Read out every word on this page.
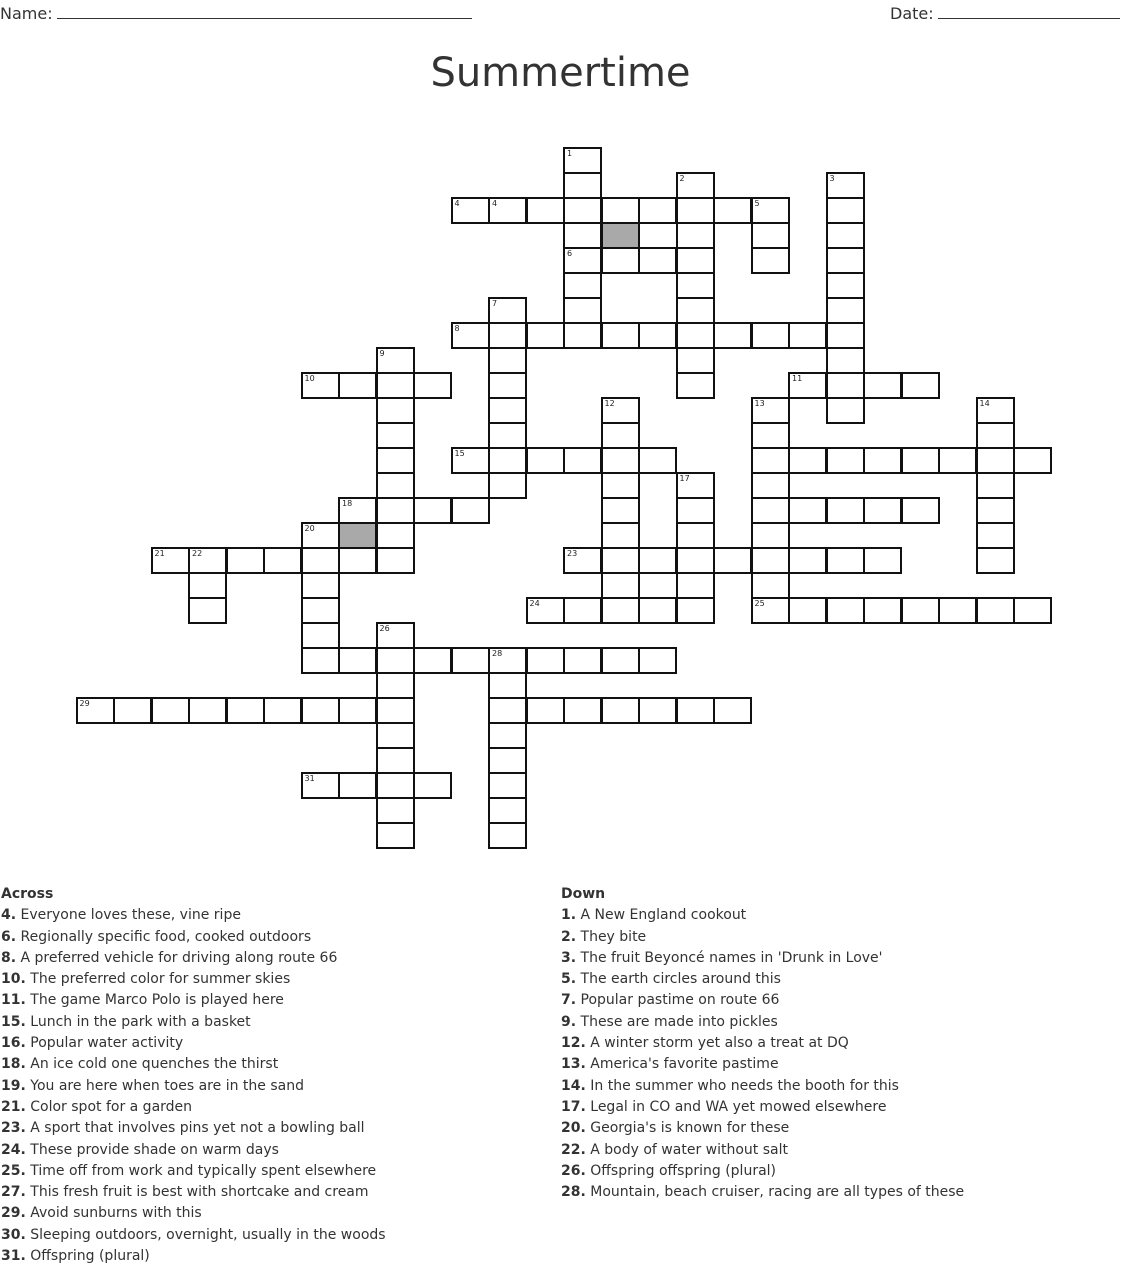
Name:	Date:
Summertime
1
6
2	3
4	5
4
7
8
9
10	11
12	13	14
15
17
18
20
21	22	23
24	25
26
28
29
31
Across
4. Everyone loves these, vine ripe
6. Regionally specific food, cooked outdoors
8. A preferred vehicle for driving along route 66
10. The preferred color for summer skies
11. The game Marco Polo is played here
15. Lunch in the park with a basket
16. Popular water activity
18. An ice cold one quenches the thirst
19. You are here when toes are in the sand
21. Color spot for a garden
23. A sport that involves pins yet not a bowling ball
24. These provide shade on warm days
25. Time off from work and typically spent elsewhere
27. This fresh fruit is best with shortcake and cream
29. Avoid sunburns with this
30. Sleeping outdoors, overnight, usually in the woods
31. Offspring (plural)
Down
1. A New England cookout
2. They bite
3. The fruit Beyoncé names in 'Drunk in Love'
5. The earth circles around this
7. Popular pastime on route 66
9. These are made into pickles
12. A winter storm yet also a treat at DQ
13. America's favorite pastime
14. In the summer who needs the booth for this
17. Legal in CO and WA yet mowed elsewhere
20. Georgia's is known for these
22. A body of water without salt
26. Offspring offspring (plural)
28. Mountain, beach cruiser, racing are all types of these
